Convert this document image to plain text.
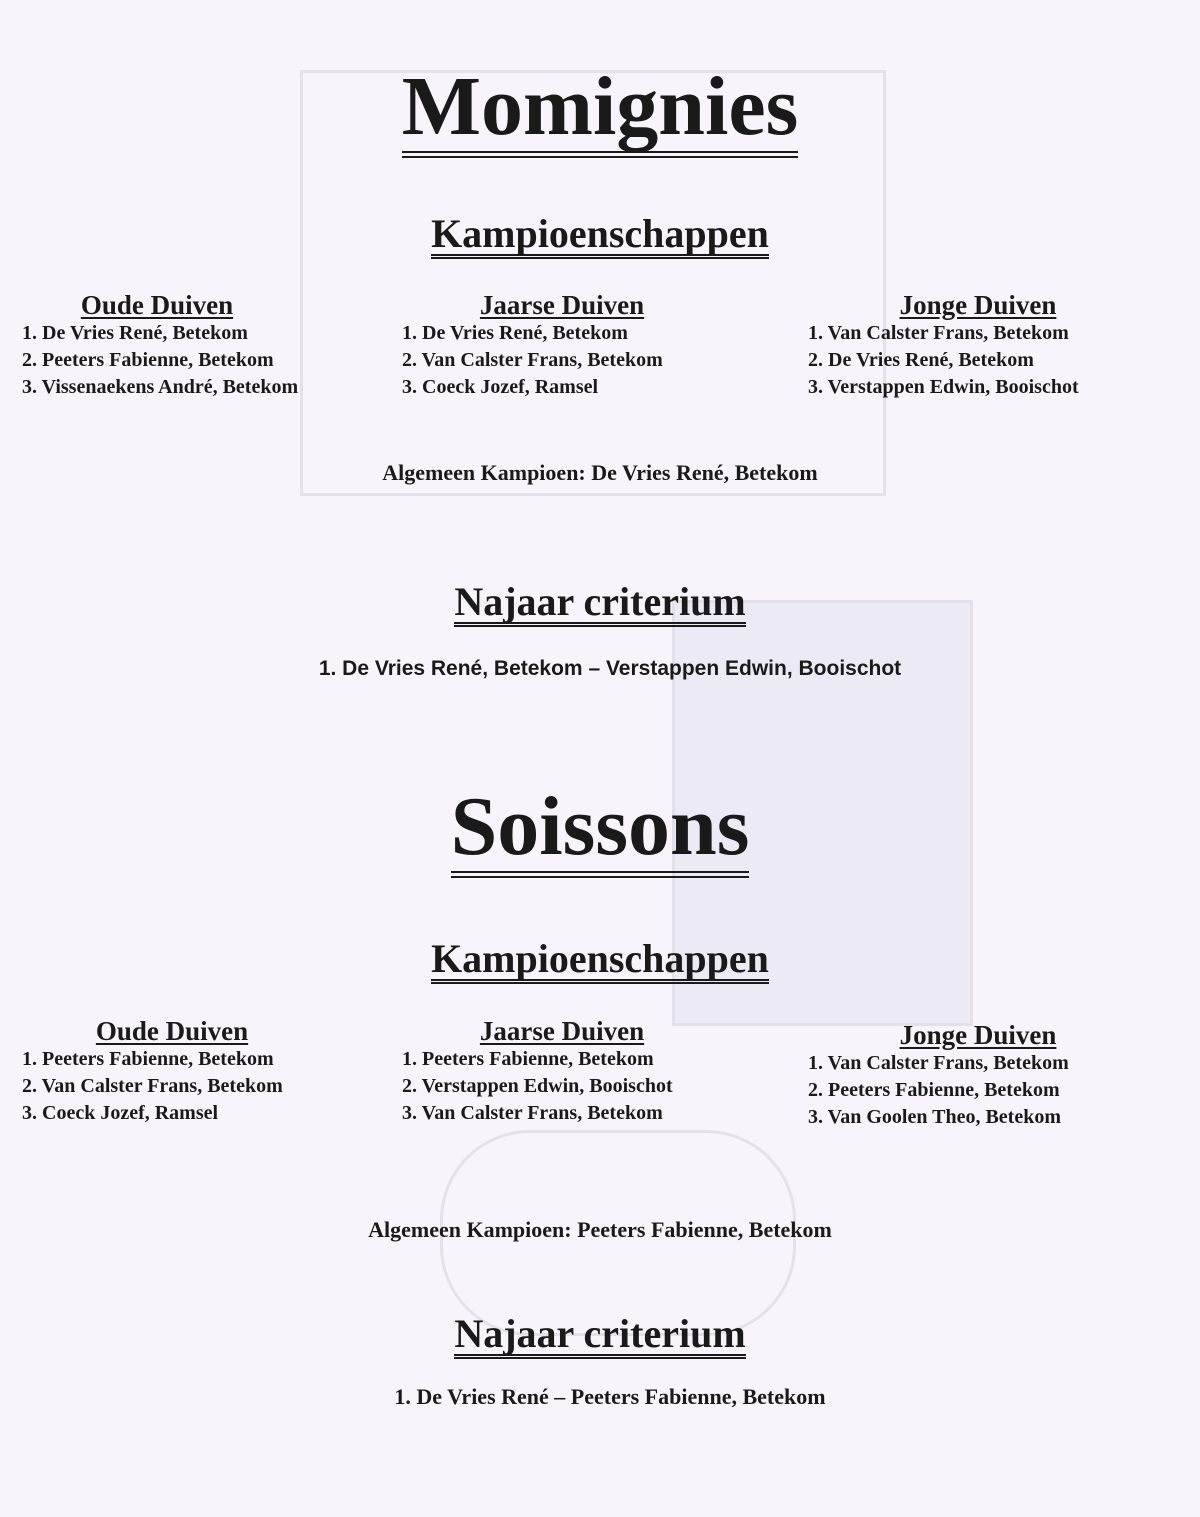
Momignies
Kampioenschappen
Oude Duiven
1. De Vries René, Betekom
2. Peeters Fabienne, Betekom
3. Vissenaekens André, Betekom
Jaarse Duiven
1. De Vries René, Betekom
2. Van Calster Frans, Betekom
3. Coeck Jozef, Ramsel
Jonge Duiven
1. Van Calster Frans, Betekom
2. De Vries René, Betekom
3. Verstappen Edwin, Booischot
Algemeen Kampioen: De Vries René, Betekom
Najaar criterium
1. De Vries René, Betekom – Verstappen Edwin, Booischot
Soissons
Kampioenschappen
Oude Duiven
1. Peeters Fabienne, Betekom
2. Van Calster Frans, Betekom
3. Coeck Jozef, Ramsel
Jaarse Duiven
1. Peeters Fabienne, Betekom
2. Verstappen Edwin, Booischot
3. Van Calster Frans, Betekom
Jonge Duiven
1. Van Calster Frans, Betekom
2. Peeters Fabienne, Betekom
3. Van Goolen Theo, Betekom
Algemeen Kampioen: Peeters Fabienne, Betekom
Najaar criterium
1. De Vries René – Peeters Fabienne, Betekom
